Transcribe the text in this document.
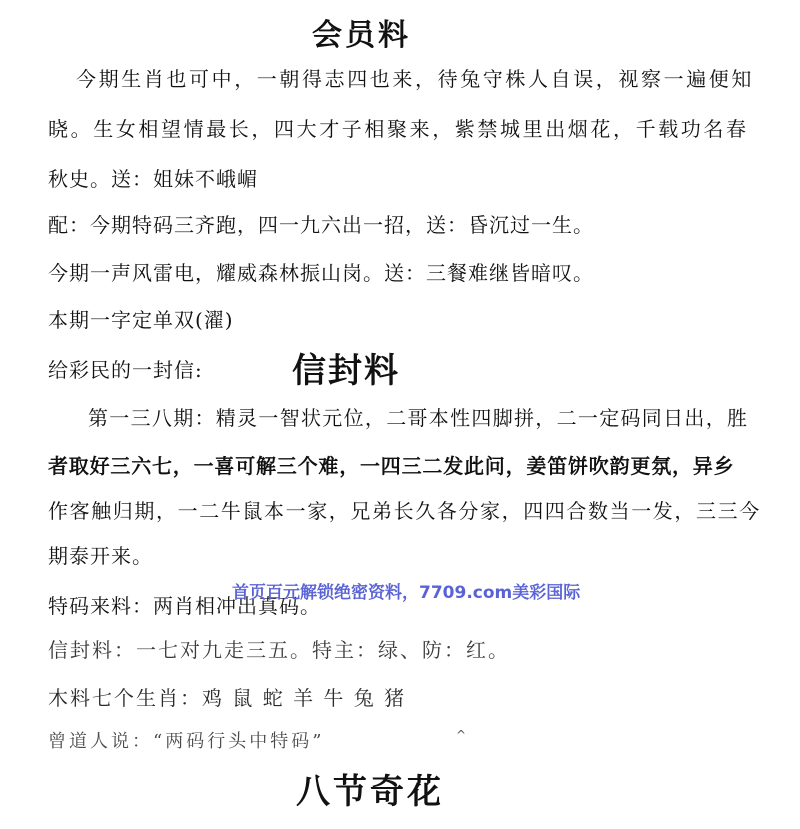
会员料
今期生肖也可中，一朝得志四也来，待兔守株人自误，视察一遍便知
晓。生女相望情最长，四大才子相聚来，紫禁城里出烟花，千载功名春
秋史。送：姐妹不峨嵋
配：今期特码三齐跑，四一九六出一招，送：昏沉过一生。
今期一声风雷电，耀威森林振山岗。送：三餐难继皆暗叹。
本期一字定单双(濯)
给彩民的一封信:	信封料
第一三八期：精灵一智状元位，二哥本性四脚拼，二一定码同日出，胜
者取好三六七，一喜可解三个难，一四三二发此问，姜笛饼吹韵更氛，异乡
作客触归期，一二牛鼠本一家，兄弟长久各分家，四四合数当一发，三三今
期泰开来。
特码来料：两肖相冲出真码。
信封料：一七对九走三五。特主：绿、防：红。
木料七个生肖：鸡 鼠 蛇 羊 牛 兔 猪
曾道人说：“两码行头中特码”	^
首页百元解锁绝密资料，7709.com美彩国际
八节奇花
